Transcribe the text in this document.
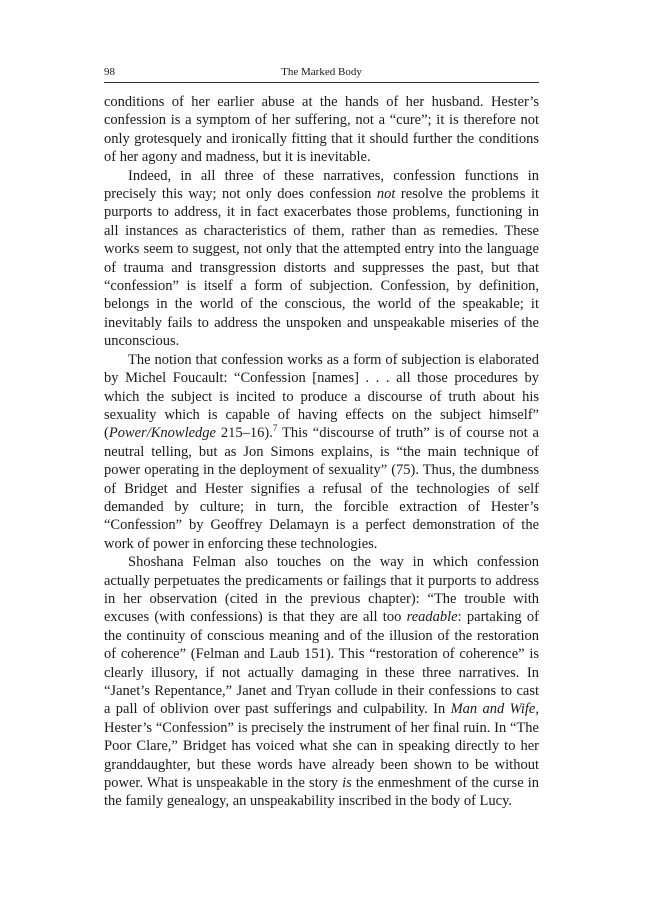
98	The Marked Body

conditions of her earlier abuse at the hands of her husband. Hester’s confession is a symptom of her suffering, not a “cure”; it is therefore not only grotesquely and ironically fitting that it should further the conditions of her agony and madness, but it is inevitable.

Indeed, in all three of these narratives, confession functions in precisely this way; not only does confession not resolve the problems it purports to address, it in fact exacerbates those problems, functioning in all instances as characteristics of them, rather than as remedies. These works seem to suggest, not only that the attempted entry into the language of trauma and transgression distorts and suppresses the past, but that “confession” is itself a form of subjection. Confession, by definition, belongs in the world of the conscious, the world of the speakable; it inevitably fails to address the unspoken and unspeakable miseries of the unconscious.

The notion that confession works as a form of subjection is elaborated by Michel Foucault: “Confession [names] . . . all those procedures by which the subject is incited to produce a discourse of truth about his sexuality which is capable of having effects on the subject himself” (Power/Knowledge 215–16).$^7$ This “discourse of truth” is of course not a neutral telling, but as Jon Simons explains, is “the main technique of power operating in the deployment of sexuality” (75). Thus, the dumbness of Bridget and Hester signifies a refusal of the technologies of self demanded by culture; in turn, the forcible extraction of Hester’s “Confession” by Geoffrey Delamayn is a perfect demonstration of the work of power in enforcing these technologies.

Shoshana Felman also touches on the way in which confession actually perpetuates the predicaments or failings that it purports to address in her observation (cited in the previous chapter): “The trouble with excuses (with confessions) is that they are all too readable: partaking of the continuity of conscious meaning and of the illusion of the restoration of coherence” (Felman and Laub 151). This “restoration of coherence” is clearly illusory, if not actually damaging in these three narratives. In “Janet’s Repentance,” Janet and Tryan collude in their confessions to cast a pall of oblivion over past sufferings and culpability. In Man and Wife, Hester’s “Confession” is precisely the instrument of her final ruin. In “The Poor Clare,” Bridget has voiced what she can in speaking directly to her granddaughter, but these words have already been shown to be without power. What is unspeakable in the story is the enmeshment of the curse in the family genealogy, an unspeakability inscribed in the body of Lucy.
